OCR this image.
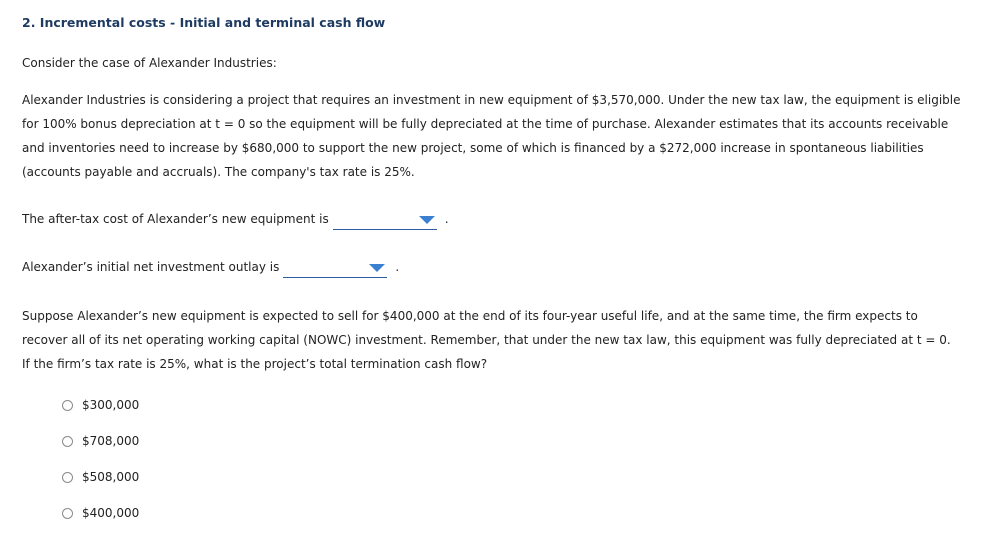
2. Incremental costs - Initial and terminal cash flow
Consider the case of Alexander Industries:
Alexander Industries is considering a project that requires an investment in new equipment of $3,570,000. Under the new tax law, the equipment is eligible for 100% bonus depreciation at t = 0 so the equipment will be fully depreciated at the time of purchase. Alexander estimates that its accounts receivable and inventories need to increase by $680,000 to support the new project, some of which is financed by a $272,000 increase in spontaneous liabilities (accounts payable and accruals). The company's tax rate is 25%.
The after-tax cost of Alexander’s new equipment is	.
Alexander’s initial net investment outlay is	.
Suppose Alexander’s new equipment is expected to sell for $400,000 at the end of its four-year useful life, and at the same time, the firm expects to recover all of its net operating working capital (NOWC) investment. Remember, that under the new tax law, this equipment was fully depreciated at t = 0. If the firm’s tax rate is 25%, what is the project’s total termination cash flow?
$300,000
$708,000
$508,000
$400,000
